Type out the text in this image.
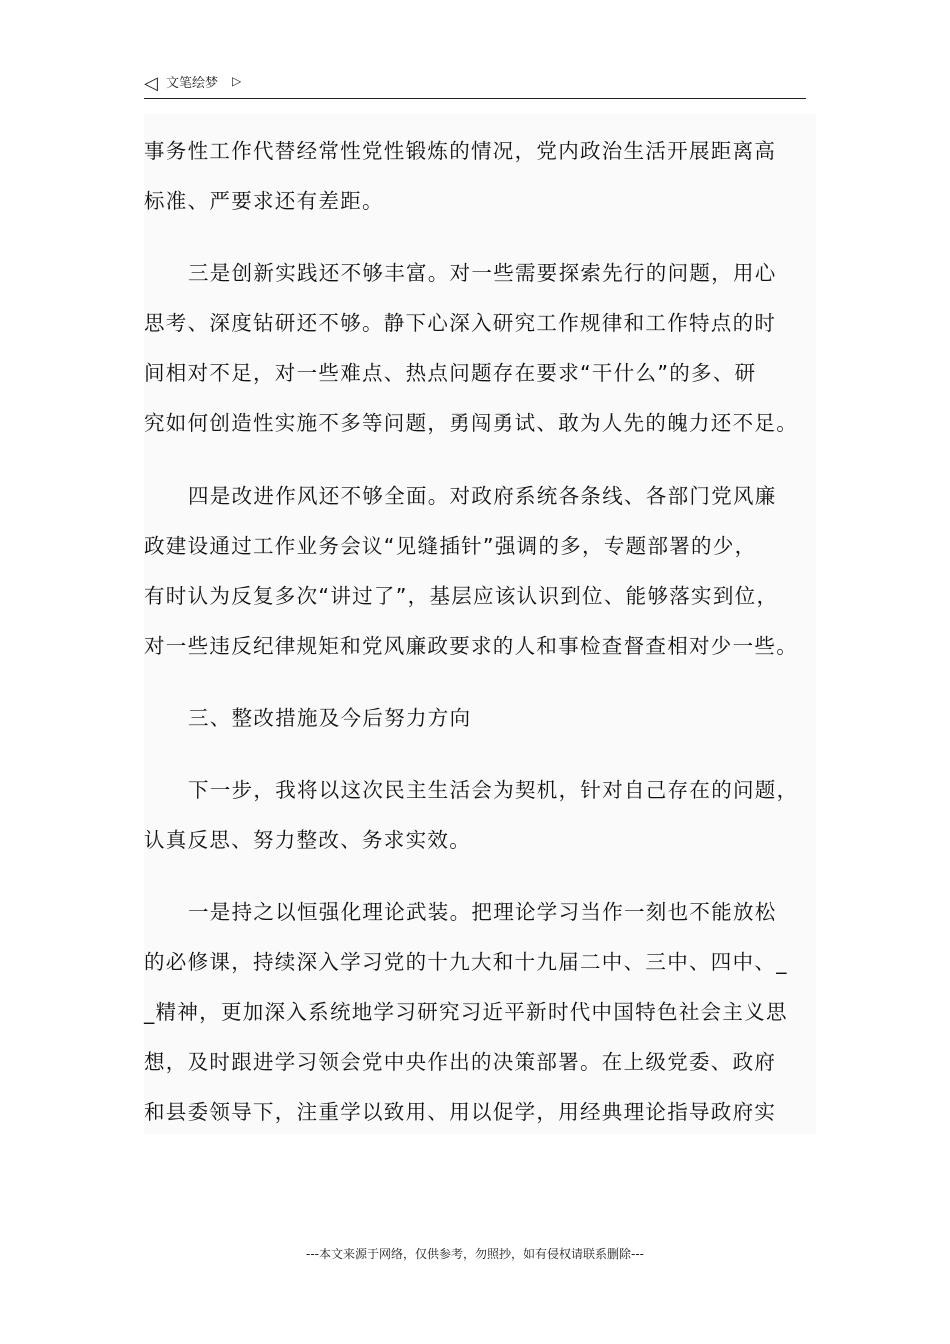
◁ 文笔绘梦 ▷
事务性工作代替经常性党性锻炼的情况，党内政治生活开展距离高
标准、严要求还有差距。
三是创新实践还不够丰富。对一些需要探索先行的问题，用心
思考、深度钻研还不够。静下心深入研究工作规律和工作特点的时
间相对不足，对一些难点、热点问题存在要求“干什么”的多、研
究如何创造性实施不多等问题，勇闯勇试、敢为人先的魄力还不足。
四是改进作风还不够全面。对政府系统各条线、各部门党风廉
政建设通过工作业务会议“见缝插针”强调的多，专题部署的少，
有时认为反复多次“讲过了”，基层应该认识到位、能够落实到位，
对一些违反纪律规矩和党风廉政要求的人和事检查督查相对少一些。
三、整改措施及今后努力方向
下一步，我将以这次民主生活会为契机，针对自己存在的问题，
认真反思、努力整改、务求实效。
一是持之以恒强化理论武装。把理论学习当作一刻也不能放松
的必修课，持续深入学习党的十九大和十九届二中、三中、四中、_
_精神，更加深入系统地学习研究习近平新时代中国特色社会主义思
想，及时跟进学习领会党中央作出的决策部署。在上级党委、政府
和县委领导下，注重学以致用、用以促学，用经典理论指导政府实
---本文来源于网络，仅供参考，勿照抄，如有侵权请联系删除---
